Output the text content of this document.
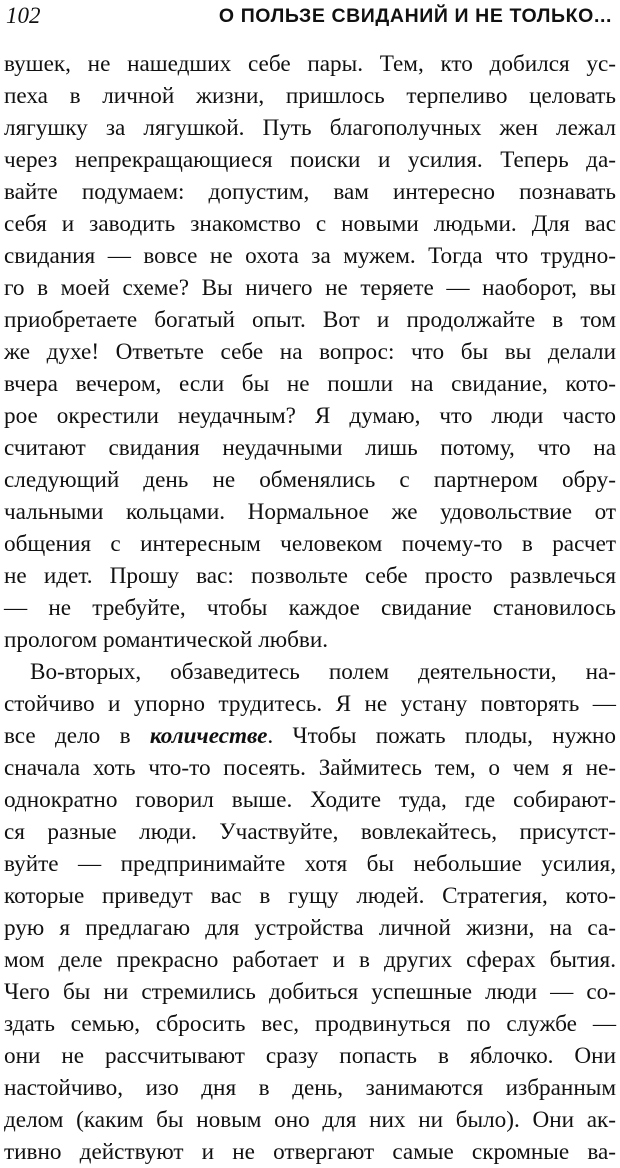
102	О ПОЛЬЗЕ СВИДАНИЙ И НЕ ТОЛЬКО...
вушек, не нашедших себе пары. Тем, кто добился ус-
пеха в личной жизни, пришлось терпеливо целовать
лягушку за лягушкой. Путь благополучных жен лежал
через непрекращающиеся поиски и усилия. Теперь да-
вайте подумаем: допустим, вам интересно познавать
себя и заводить знакомство с новыми людьми. Для вас
свидания — вовсе не охота за мужем. Тогда что трудно-
го в моей схеме? Вы ничего не теряете — наоборот, вы
приобретаете богатый опыт. Вот и продолжайте в том
же духе! Ответьте себе на вопрос: что бы вы делали
вчера вечером, если бы не пошли на свидание, кото-
рое окрестили неудачным? Я думаю, что люди часто
считают свидания неудачными лишь потому, что на
следующий день не обменялись с партнером обру-
чальными кольцами. Нормальное же удовольствие от
общения с интересным человеком почему-то в расчет
не идет. Прошу вас: позвольте себе просто развлечься
— не требуйте, чтобы каждое свидание становилось
прологом романтической любви.
Во-вторых, обзаведитесь полем деятельности, на-
стойчиво и упорно трудитесь. Я не устану повторять —
все дело в количестве. Чтобы пожать плоды, нужно
сначала хоть что-то посеять. Займитесь тем, о чем я не-
однократно говорил выше. Ходите туда, где собирают-
ся разные люди. Участвуйте, вовлекайтесь, присутст-
вуйте — предпринимайте хотя бы небольшие усилия,
которые приведут вас в гущу людей. Стратегия, кото-
рую я предлагаю для устройства личной жизни, на са-
мом деле прекрасно работает и в других сферах бытия.
Чего бы ни стремились добиться успешные люди — со-
здать семью, сбросить вес, продвинуться по службе —
они не рассчитывают сразу попасть в яблочко. Они
настойчиво, изо дня в день, занимаются избранным
делом (каким бы новым оно для них ни было). Они ак-
тивно действуют и не отвергают самые скромные ва-
